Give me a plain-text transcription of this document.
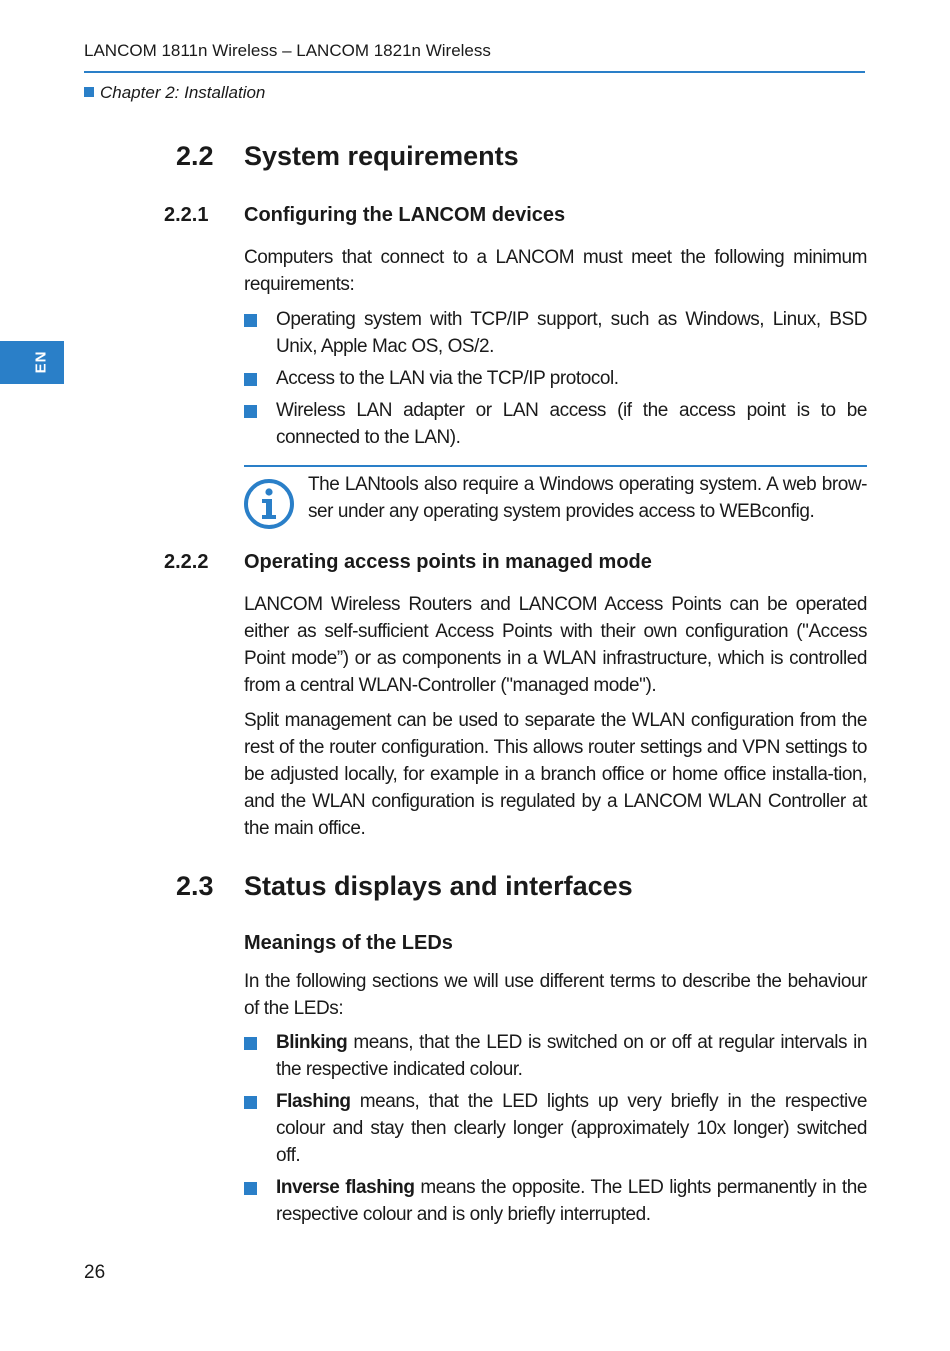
LANCOM 1811n Wireless – LANCOM 1821n Wireless
Chapter 2: Installation
EN
2.2 System requirements
2.2.1 Configuring the LANCOM devices

Computers that connect to a LANCOM must meet the following minimum requirements:

Operating system with TCP/IP support, such as Windows, Linux, BSD Unix, Apple Mac OS, OS/2.
Access to the LAN via the TCP/IP protocol.
Wireless LAN adapter or LAN access (if the access point is to be connected to the LAN).
The LANtools also require a Windows operating system. A web brow-ser under any operating system provides access to WEBconfig.
2.2.2 Operating access points in managed mode

LANCOM Wireless Routers and LANCOM Access Points can be operated either as self‑sufficient Access Points with their own configuration ("Access Point mode”) or as components in a WLAN infrastructure, which is controlled from a central WLAN‑Controller ("managed mode").

Split management can be used to separate the WLAN configuration from the rest of the router configuration. This allows router settings and VPN settings to be adjusted locally, for example in a branch office or home office installa-tion, and the WLAN configuration is regulated by a LANCOM WLAN Controller at the main office.

2.3 Status displays and interfaces
Meanings of the LEDs

In the following sections we will use different terms to describe the behaviour of the LEDs:

Blinking means, that the LED is switched on or off at regular intervals in the respective indicated colour.
Flashing means, that the LED lights up very briefly in the respective colour and stay then clearly longer (approximately 10x longer) switched off.
Inverse flashing means the opposite. The LED lights permanently in the respective colour and is only briefly interrupted.
26
